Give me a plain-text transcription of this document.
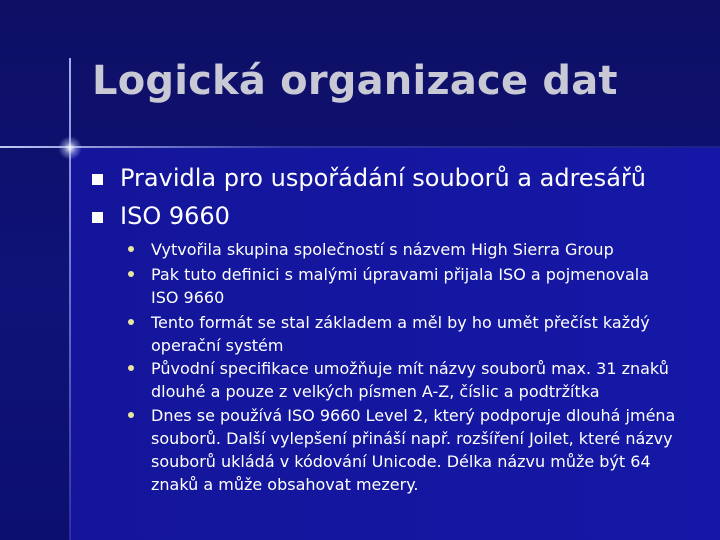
Logická organizace dat
Pravidla pro uspořádání souborů a adresářů
ISO 9660
Vytvořila skupina společností s názvem High Sierra Group
Pak tuto definici s malými úpravami přijala ISO a pojmenovala ISO 9660
Tento formát se stal základem a měl by ho umět přečíst každý operační systém
Původní specifikace umožňuje mít názvy souborů max. 31 znaků dlouhé a pouze z velkých písmen A-Z, číslic a podtržítka
Dnes se používá ISO 9660 Level 2, který podporuje dlouhá jména souborů. Další vylepšení přináší např. rozšíření Joilet, které názvy souborů ukládá v kódování Unicode. Délka názvu může být 64 znaků a může obsahovat mezery.
